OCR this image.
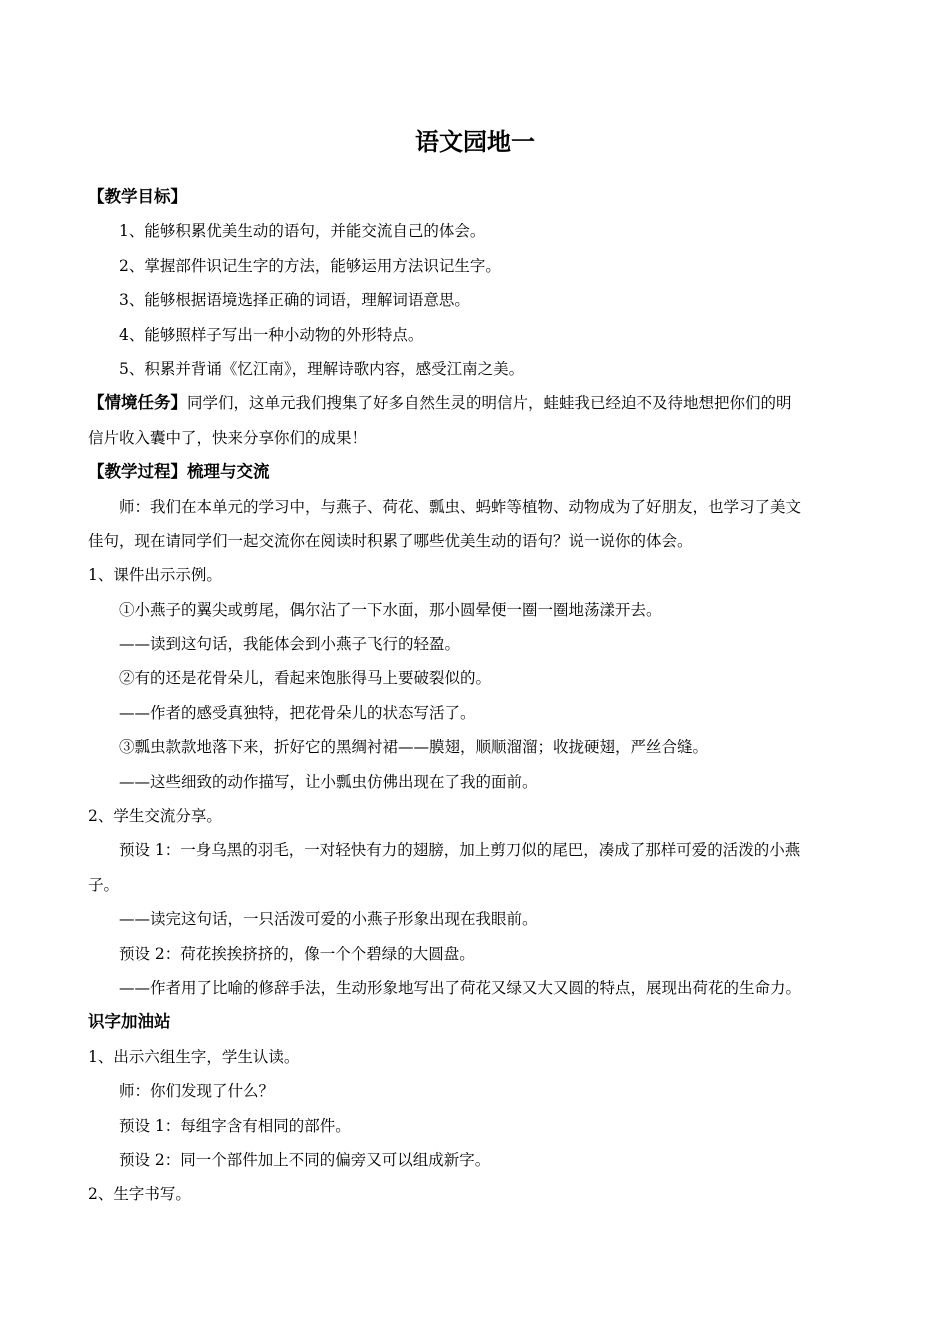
语文园地一
【教学目标】
1、能够积累优美生动的语句，并能交流自己的体会。
2、掌握部件识记生字的方法，能够运用方法识记生字。
3、能够根据语境选择正确的词语，理解词语意思。
4、能够照样子写出一种小动物的外形特点。
5、积累并背诵《忆江南》，理解诗歌内容，感受江南之美。
【情境任务】同学们，这单元我们搜集了好多自然生灵的明信片，蛙蛙我已经迫不及待地想把你们的明
信片收入囊中了，快来分享你们的成果！
【教学过程】梳理与交流
师：我们在本单元的学习中，与燕子、荷花、瓢虫、蚂蚱等植物、动物成为了好朋友，也学习了美文
佳句，现在请同学们一起交流你在阅读时积累了哪些优美生动的语句？说一说你的体会。
1、课件出示示例。
①小燕子的翼尖或剪尾，偶尔沾了一下水面，那小圆晕便一圈一圈地荡漾开去。
——读到这句话，我能体会到小燕子飞行的轻盈。
②有的还是花骨朵儿，看起来饱胀得马上要破裂似的。
——作者的感受真独特，把花骨朵儿的状态写活了。
③瓢虫款款地落下来，折好它的黑绸衬裙——膜翅，顺顺溜溜；收拢硬翅，严丝合缝。
——这些细致的动作描写，让小瓢虫仿佛出现在了我的面前。
2、学生交流分享。
预设 1：一身乌黑的羽毛，一对轻快有力的翅膀，加上剪刀似的尾巴，凑成了那样可爱的活泼的小燕
子。
——读完这句话，一只活泼可爱的小燕子形象出现在我眼前。
预设 2：荷花挨挨挤挤的，像一个个碧绿的大圆盘。
——作者用了比喻的修辞手法，生动形象地写出了荷花又绿又大又圆的特点，展现出荷花的生命力。
识字加油站
1、出示六组生字，学生认读。
师：你们发现了什么？
预设 1：每组字含有相同的部件。
预设 2：同一个部件加上不同的偏旁又可以组成新字。
2、生字书写。
